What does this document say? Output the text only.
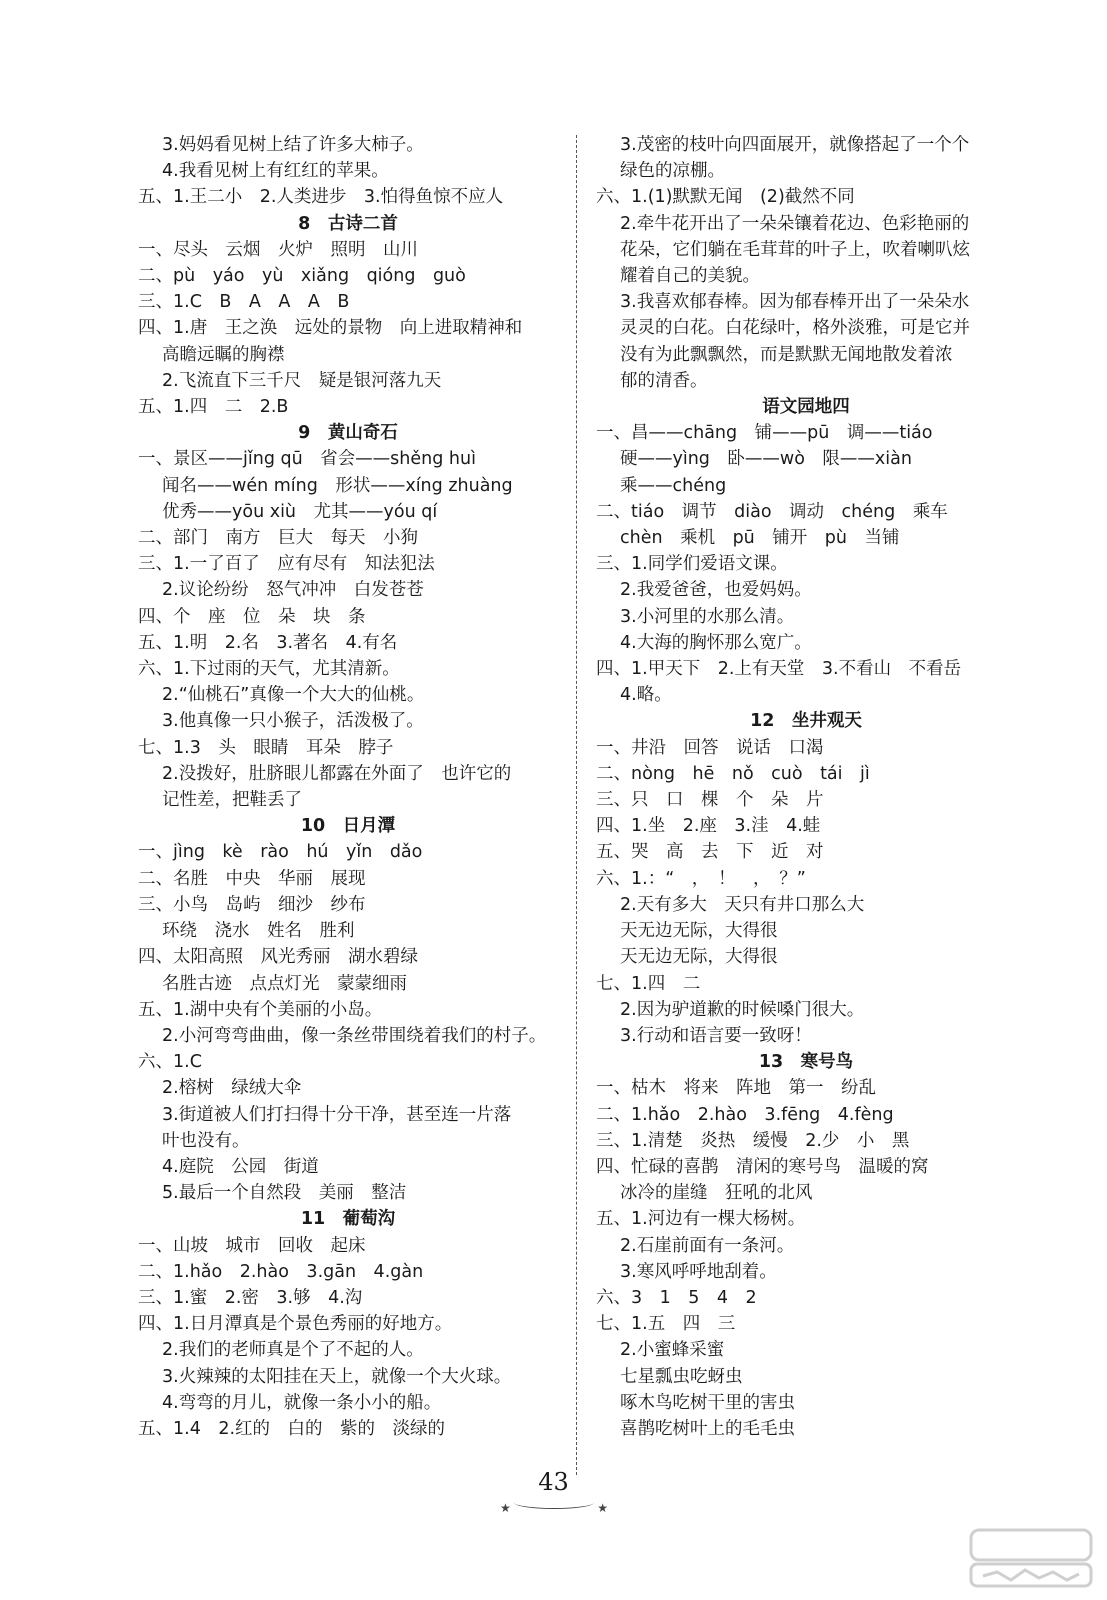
3.妈妈看见树上结了许多大柿子。
4.我看见树上有红红的苹果。
五、1.王二小　2.人类进步　3.怕得鱼惊不应人
8　古诗二首
一、尽头　云烟　火炉　照明　山川
二、pù　yáo　yù　xiǎng　qióng　guò
三、1.C　B　A　A　A　B
四、1.唐　王之涣　远处的景物　向上进取精神和
高瞻远瞩的胸襟
2.飞流直下三千尺　疑是银河落九天
五、1.四　二　2.B
9　黄山奇石
一、景区——jǐng qū　省会——shěng huì
闻名——wén míng　形状——xíng zhuàng
优秀——yōu xiù　尤其——yóu qí
二、部门　南方　巨大　每天　小狗
三、1.一了百了　应有尽有　知法犯法
2.议论纷纷　怒气冲冲　白发苍苍
四、个　座　位　朵　块　条
五、1.明　2.名　3.著名　4.有名
六、1.下过雨的天气，尤其清新。
2.“仙桃石”真像一个大大的仙桃。
3.他真像一只小猴子，活泼极了。
七、1.3　头　眼睛　耳朵　脖子
2.没拨好，肚脐眼儿都露在外面了　也许它的
记性差，把鞋丢了
10　日月潭
一、jìng　kè　rào　hú　yǐn　dǎo
二、名胜　中央　华丽　展现
三、小鸟　岛屿　细沙　纱布
环绕　浇水　姓名　胜利
四、太阳高照　风光秀丽　湖水碧绿
名胜古迹　点点灯光　蒙蒙细雨
五、1.湖中央有个美丽的小岛。
2.小河弯弯曲曲，像一条丝带围绕着我们的村子。
六、1.C
2.榕树　绿绒大伞
3.街道被人们打扫得十分干净，甚至连一片落
叶也没有。
4.庭院　公园　街道
5.最后一个自然段　美丽　整洁
11　葡萄沟
一、山坡　城市　回收　起床
二、1.hǎo　2.hào　3.gān　4.gàn
三、1.蜜　2.密　3.够　4.沟
四、1.日月潭真是个景色秀丽的好地方。
2.我们的老师真是个了不起的人。
3.火辣辣的太阳挂在天上，就像一个大火球。
4.弯弯的月儿，就像一条小小的船。
五、1.4　2.红的　白的　紫的　淡绿的
3.茂密的枝叶向四面展开，就像搭起了一个个
绿色的凉棚。
六、1.(1)默默无闻　(2)截然不同
2.牵牛花开出了一朵朵镶着花边、色彩艳丽的
花朵，它们躺在毛茸茸的叶子上，吹着喇叭炫
耀着自己的美貌。
3.我喜欢郁春棒。因为郁春棒开出了一朵朵水
灵灵的白花。白花绿叶，格外淡雅，可是它并
没有为此飘飘然，而是默默无闻地散发着浓
郁的清香。
语文园地四
一、昌——chāng　铺——pū　调——tiáo
硬——yìng　卧——wò　限——xiàn
乘——chéng
二、tiáo　调节　diào　调动　chéng　乘车
chèn　乘机　pū　铺开　pù　当铺
三、1.同学们爱语文课。
2.我爱爸爸，也爱妈妈。
3.小河里的水那么清。
4.大海的胸怀那么宽广。
四、1.甲天下　2.上有天堂　3.不看山　不看岳
4.略。
12　坐井观天
一、井沿　回答　说话　口渴
二、nòng　hē　nǒ　cuò　tái　jì
三、只　口　棵　个　朵　片
四、1.坐　2.座　3.洼　4.蛙
五、哭　高　去　下　近　对
六、1.：“　，　！　，　？”
2.天有多大　天只有井口那么大
天无边无际，大得很
天无边无际，大得很
七、1.四　二
2.因为驴道歉的时候嗓门很大。
3.行动和语言要一致呀！
13　寒号鸟
一、枯木　将来　阵地　第一　纷乱
二、1.hǎo　2.hào　3.fēng　4.fèng
三、1.清楚　炎热　缓慢　2.少　小　黑
四、忙碌的喜鹊　清闲的寒号鸟　温暖的窝
冰冷的崖缝　狂吼的北风
五、1.河边有一棵大杨树。
2.石崖前面有一条河。
3.寒风呼呼地刮着。
六、3　1　5　4　2
七、1.五　四　三
2.小蜜蜂采蜜
七星瓢虫吃蚜虫
啄木鸟吃树干里的害虫
喜鹊吃树叶上的毛毛虫
43
★	★
